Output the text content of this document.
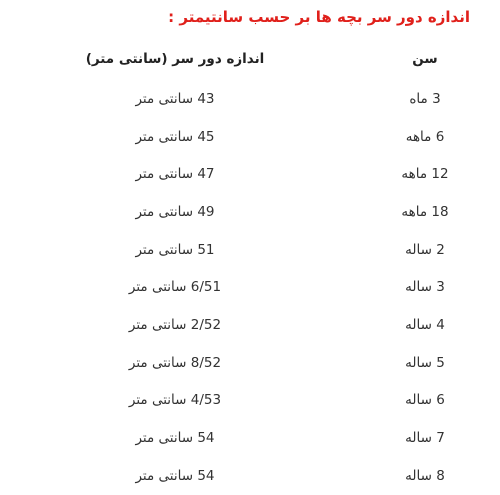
اندازه دور سر بچه ها بر حسب سانتیمتر :
سن
اندازه دور سر (سانتی متر)
3 ماه
43 سانتی متر
6 ماهه
45 سانتی متر
12 ماهه
47 سانتی متر
18 ماهه
49 سانتی متر
2 ساله
51 سانتی متر
3 ساله
6/51 سانتی متر
4 ساله
2/52 سانتی متر
5 ساله
8/52 سانتی متر
6 ساله
4/53 سانتی متر
7 ساله
54 سانتی متر
8 ساله
54 سانتی متر
